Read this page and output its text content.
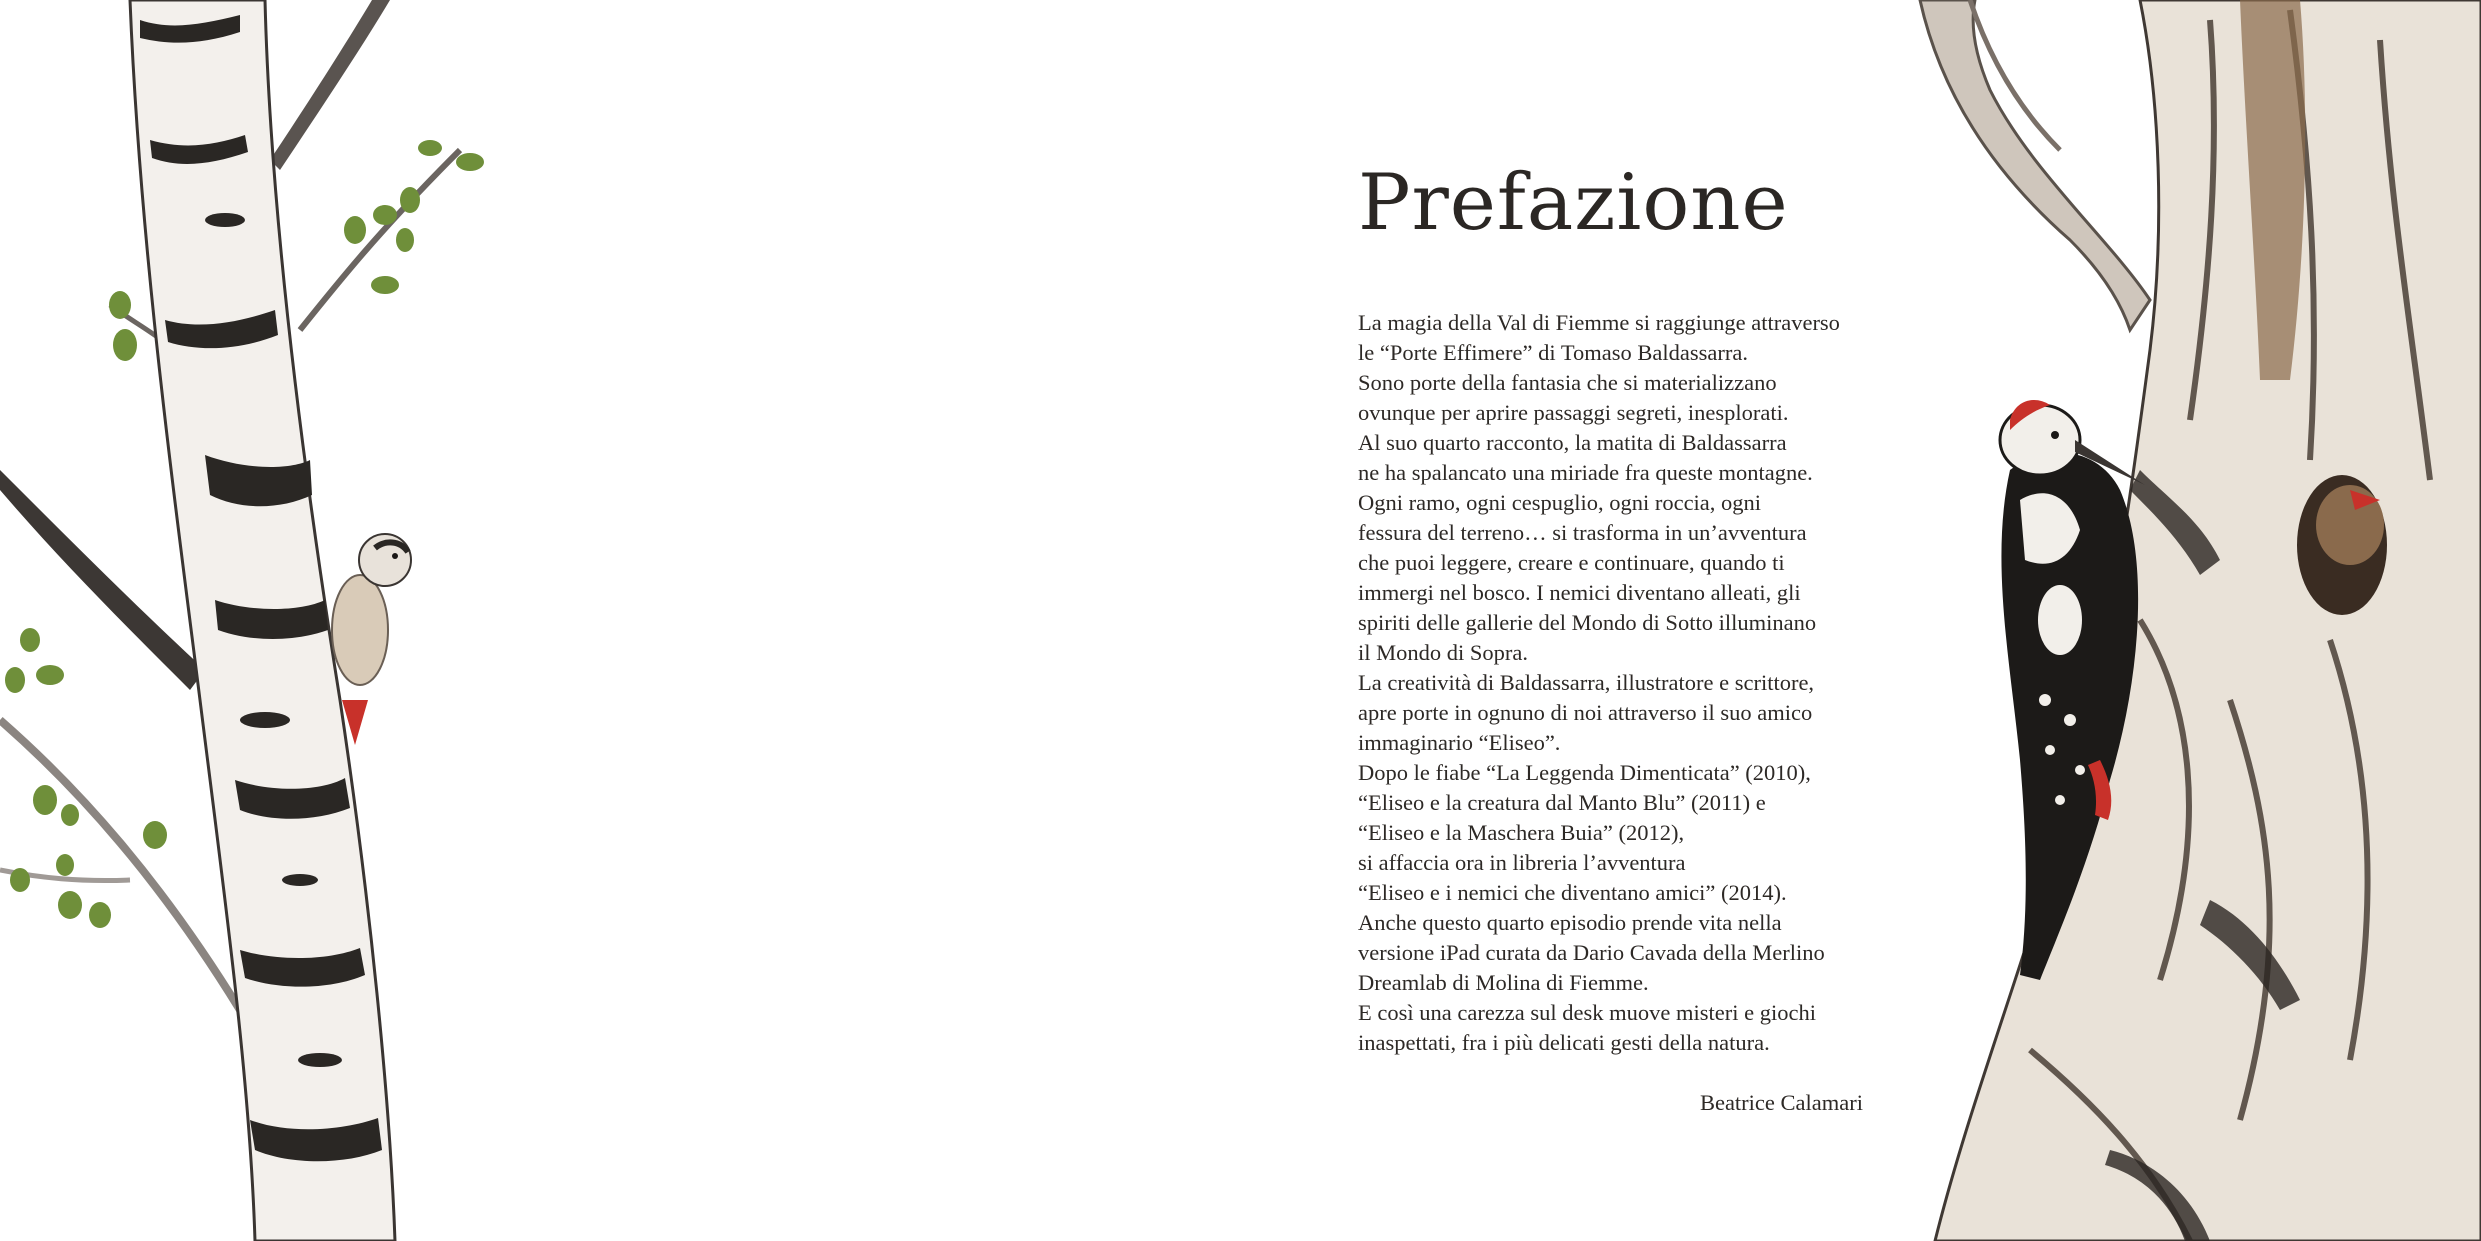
Prefazione

La magia della Val di Fiemme si raggiunge attraverso

le “Porte Effimere” di Tomaso Baldassarra.

Sono porte della fantasia che si materializzano

ovunque per aprire passaggi segreti, inesplorati.

Al suo quarto racconto, la matita di Baldassarra

ne ha spalancato una miriade fra queste montagne.

Ogni ramo, ogni cespuglio, ogni roccia, ogni

fessura del terreno… si trasforma in un’avventura

che puoi leggere, creare e continuare, quando ti

immergi nel bosco. I nemici diventano alleati, gli

spiriti delle gallerie del Mondo di Sotto illuminano

il Mondo di Sopra.

La creatività di Baldassarra, illustratore e scrittore,

apre porte in ognuno di noi attraverso il suo amico

immaginario “Eliseo”.

Dopo le fiabe “La Leggenda Dimenticata” (2010),

“Eliseo e la creatura dal Manto Blu” (2011) e

“Eliseo e la Maschera Buia” (2012),

si affaccia ora in libreria l’avventura

“Eliseo e i nemici che diventano amici” (2014).

Anche questo quarto episodio prende vita nella

versione iPad curata da Dario Cavada della Merlino

Dreamlab di Molina di Fiemme.

E così una carezza sul desk muove misteri e giochi

inaspettati, fra i più delicati gesti della natura.

Beatrice Calamari
